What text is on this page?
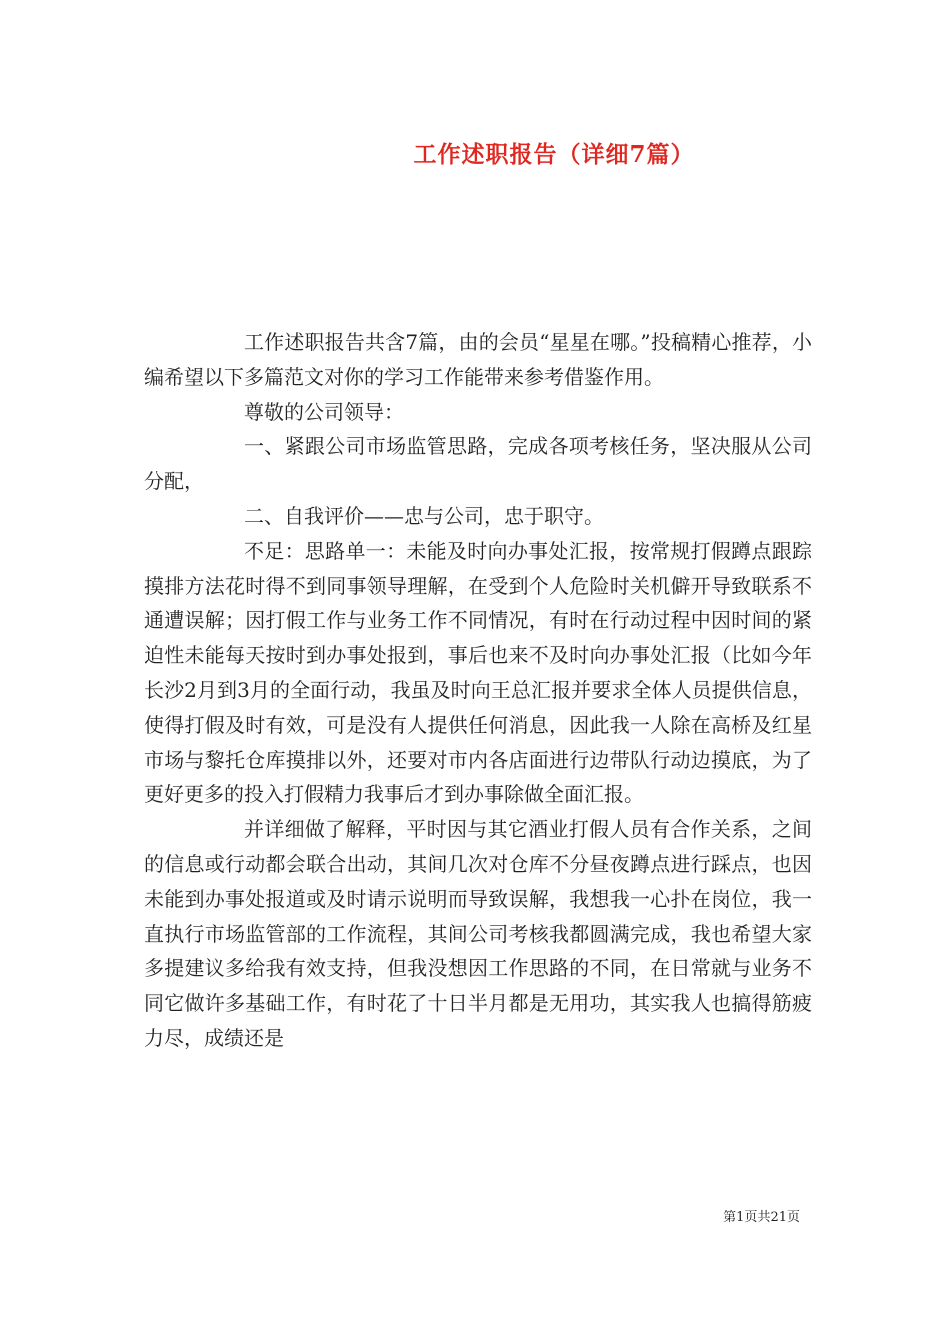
工作述职报告（详细7篇）

工作述职报告共含7篇，由的会员“星星在哪。”投稿精心推荐，小编希望以下多篇范文对你的学习工作能带来参考借鉴作用。

尊敬的公司领导：

一、紧跟公司市场监管思路，完成各项考核任务，坚决服从公司分配，

二、自我评价——忠与公司，忠于职守。

不足：思路单一：未能及时向办事处汇报，按常规打假蹲点跟踪摸排方法花时得不到同事领导理解，在受到个人危险时关机僻开导致联系不通遭误解；因打假工作与业务工作不同情况，有时在行动过程中因时间的紧迫性未能每天按时到办事处报到，事后也来不及时向办事处汇报（比如今年长沙2月到3月的全面行动，我虽及时向王总汇报并要求全体人员提供信息，使得打假及时有效，可是没有人提供任何消息，因此我一人除在高桥及红星市场与黎托仓库摸排以外，还要对市内各店面进行边带队行动边摸底，为了更好更多的投入打假精力我事后才到办事除做全面汇报。

并详细做了解释，平时因与其它酒业打假人员有合作关系，之间的信息或行动都会联合出动，其间几次对仓库不分昼夜蹲点进行踩点，也因未能到办事处报道或及时请示说明而导致误解，我想我一心扑在岗位，我一直执行市场监管部的工作流程，其间公司考核我都圆满完成，我也希望大家多提建议多给我有效支持，但我没想因工作思路的不同，在日常就与业务不同它做许多基础工作，有时花了十日半月都是无用功，其实我人也搞得筋疲力尽，成绩还是

第1页共21页
